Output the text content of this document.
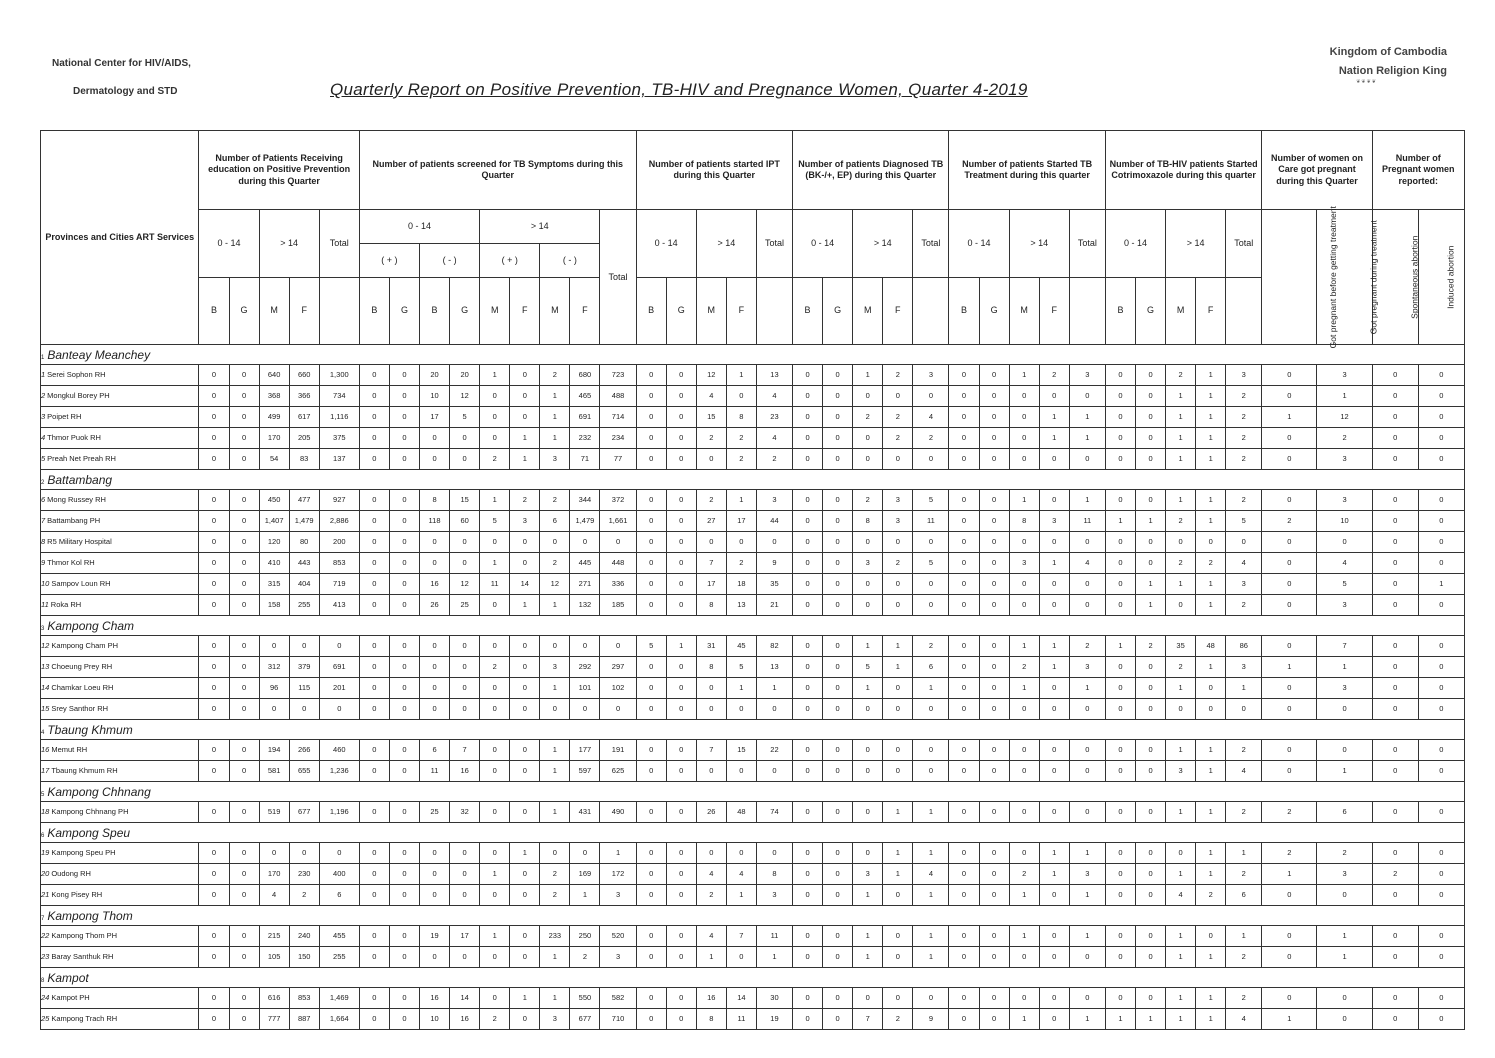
National Center for HIV/AIDS,
Dermatology and STD
Kingdom of Cambodia
Nation Religion King
❦❦❦❦
Quarterly Report on Positive Prevention, TB-HIV and Pregnance Women, Quarter 4-2019
Provinces and Cities ART Services	Number of Patients Receiving education on Positive Prevention during this Quarter					Number of patients screened for TB Symptoms during this Quarter									Number of patients started IPT during this Quarter					Number of patients Diagnosed TB (BK-/+, EP) during this Quarter					Number of patients Started TB Treatment during this quarter					Number of TB-HIV patients Started Cotrimoxazole during this quarter					Number of women on Care got pregnant during this Quarter		Number of Pregnant women reported:	
	0 - 14		> 14		Total	0 - 14				> 14				Total	0 - 14		> 14		Total	0 - 14		> 14		Total	0 - 14		> 14		Total	0 - 14		> 14		Total	Got pregnant before getting treatment	Got pregnant during treatment	Spontaneous abortion	Induced abortion
						( + )		( - )		( + )		( - )																										
	B	G	M	F		B	G	B	G	M	F	M	F		B	G	M	F		B	G	M	F		B	G	M	F		B	G	M	F					
1 Banteay Meanchey																																						
1 Serei Sophon RH	0	0	640	660	1,300	0	0	20	20	1	0	2	680	723	0	0	12	1	13	0	0	1	2	3	0	0	1	2	3	0	0	2	1	3	0	3	0	0
2 Mongkul Borey PH	0	0	368	366	734	0	0	10	12	0	0	1	465	488	0	0	4	0	4	0	0	0	0	0	0	0	0	0	0	0	0	1	1	2	0	1	0	0
3 Poipet RH	0	0	499	617	1,116	0	0	17	5	0	0	1	691	714	0	0	15	8	23	0	0	2	2	4	0	0	0	1	1	0	0	1	1	2	1	12	0	0
4 Thmor Puok RH	0	0	170	205	375	0	0	0	0	0	1	1	232	234	0	0	2	2	4	0	0	0	2	2	0	0	0	1	1	0	0	1	1	2	0	2	0	0
5 Preah Net Preah RH	0	0	54	83	137	0	0	0	0	2	1	3	71	77	0	0	0	2	2	0	0	0	0	0	0	0	0	0	0	0	0	1	1	2	0	3	0	0
2 Battambang																																						
6 Mong Russey RH	0	0	450	477	927	0	0	8	15	1	2	2	344	372	0	0	2	1	3	0	0	2	3	5	0	0	1	0	1	0	0	1	1	2	0	3	0	0
7 Battambang PH	0	0	1,407	1,479	2,886	0	0	118	60	5	3	6	1,479	1,661	0	0	27	17	44	0	0	8	3	11	0	0	8	3	11	1	1	2	1	5	2	10	0	0
8 R5 Military Hospital	0	0	120	80	200	0	0	0	0	0	0	0	0	0	0	0	0	0	0	0	0	0	0	0	0	0	0	0	0	0	0	0	0	0	0	0	0	0
9 Thmor Kol RH	0	0	410	443	853	0	0	0	0	1	0	2	445	448	0	0	7	2	9	0	0	3	2	5	0	0	3	1	4	0	0	2	2	4	0	4	0	0
10 Sampov Loun RH	0	0	315	404	719	0	0	16	12	11	14	12	271	336	0	0	17	18	35	0	0	0	0	0	0	0	0	0	0	0	1	1	1	3	0	5	0	1
11 Roka RH	0	0	158	255	413	0	0	26	25	0	1	1	132	185	0	0	8	13	21	0	0	0	0	0	0	0	0	0	0	0	1	0	1	2	0	3	0	0
3 Kampong Cham																																						
12 Kampong Cham PH	0	0	0	0	0	0	0	0	0	0	0	0	0	0	5	1	31	45	82	0	0	1	1	2	0	0	1	1	2	1	2	35	48	86	0	7	0	0
13 Choeung Prey RH	0	0	312	379	691	0	0	0	0	2	0	3	292	297	0	0	8	5	13	0	0	5	1	6	0	0	2	1	3	0	0	2	1	3	1	1	0	0
14 Chamkar Loeu RH	0	0	96	115	201	0	0	0	0	0	0	1	101	102	0	0	0	1	1	0	0	1	0	1	0	0	1	0	1	0	0	1	0	1	0	3	0	0
15 Srey Santhor RH	0	0	0	0	0	0	0	0	0	0	0	0	0	0	0	0	0	0	0	0	0	0	0	0	0	0	0	0	0	0	0	0	0	0	0	0	0	0
4 Tbaung Khmum																																						
16 Memut RH	0	0	194	266	460	0	0	6	7	0	0	1	177	191	0	0	7	15	22	0	0	0	0	0	0	0	0	0	0	0	0	1	1	2	0	0	0	0
17 Tbaung Khmum RH	0	0	581	655	1,236	0	0	11	16	0	0	1	597	625	0	0	0	0	0	0	0	0	0	0	0	0	0	0	0	0	0	3	1	4	0	1	0	0
5 Kampong Chhnang																																						
18 Kampong Chhnang PH	0	0	519	677	1,196	0	0	25	32	0	0	1	431	490	0	0	26	48	74	0	0	0	1	1	0	0	0	0	0	0	0	1	1	2	2	6	0	0
6 Kampong Speu																																						
19 Kampong Speu PH	0	0	0	0	0	0	0	0	0	0	1	0	0	1	0	0	0	0	0	0	0	0	1	1	0	0	0	1	1	0	0	0	1	1	2	2	0	0
20 Oudong RH	0	0	170	230	400	0	0	0	0	1	0	2	169	172	0	0	4	4	8	0	0	3	1	4	0	0	2	1	3	0	0	1	1	2	1	3	2	0
21 Kong Pisey RH	0	0	4	2	6	0	0	0	0	0	0	2	1	3	0	0	2	1	3	0	0	1	0	1	0	0	1	0	1	0	0	4	2	6	0	0	0	0
7 Kampong Thom																																						
22 Kampong Thom PH	0	0	215	240	455	0	0	19	17	1	0	233	250	520	0	0	4	7	11	0	0	1	0	1	0	0	1	0	1	0	0	1	0	1	0	1	0	0
23 Baray Santhuk RH	0	0	105	150	255	0	0	0	0	0	0	1	2	3	0	0	1	0	1	0	0	1	0	1	0	0	0	0	0	0	0	1	1	2	0	1	0	0
8 Kampot																																						
24 Kampot PH	0	0	616	853	1,469	0	0	16	14	0	1	1	550	582	0	0	16	14	30	0	0	0	0	0	0	0	0	0	0	0	0	1	1	2	0	0	0	0
25 Kampong Trach RH	0	0	777	887	1,664	0	0	10	16	2	0	3	677	710	0	0	8	11	19	0	0	7	2	9	0	0	1	0	1	1	1	1	1	4	1	0	0	0
